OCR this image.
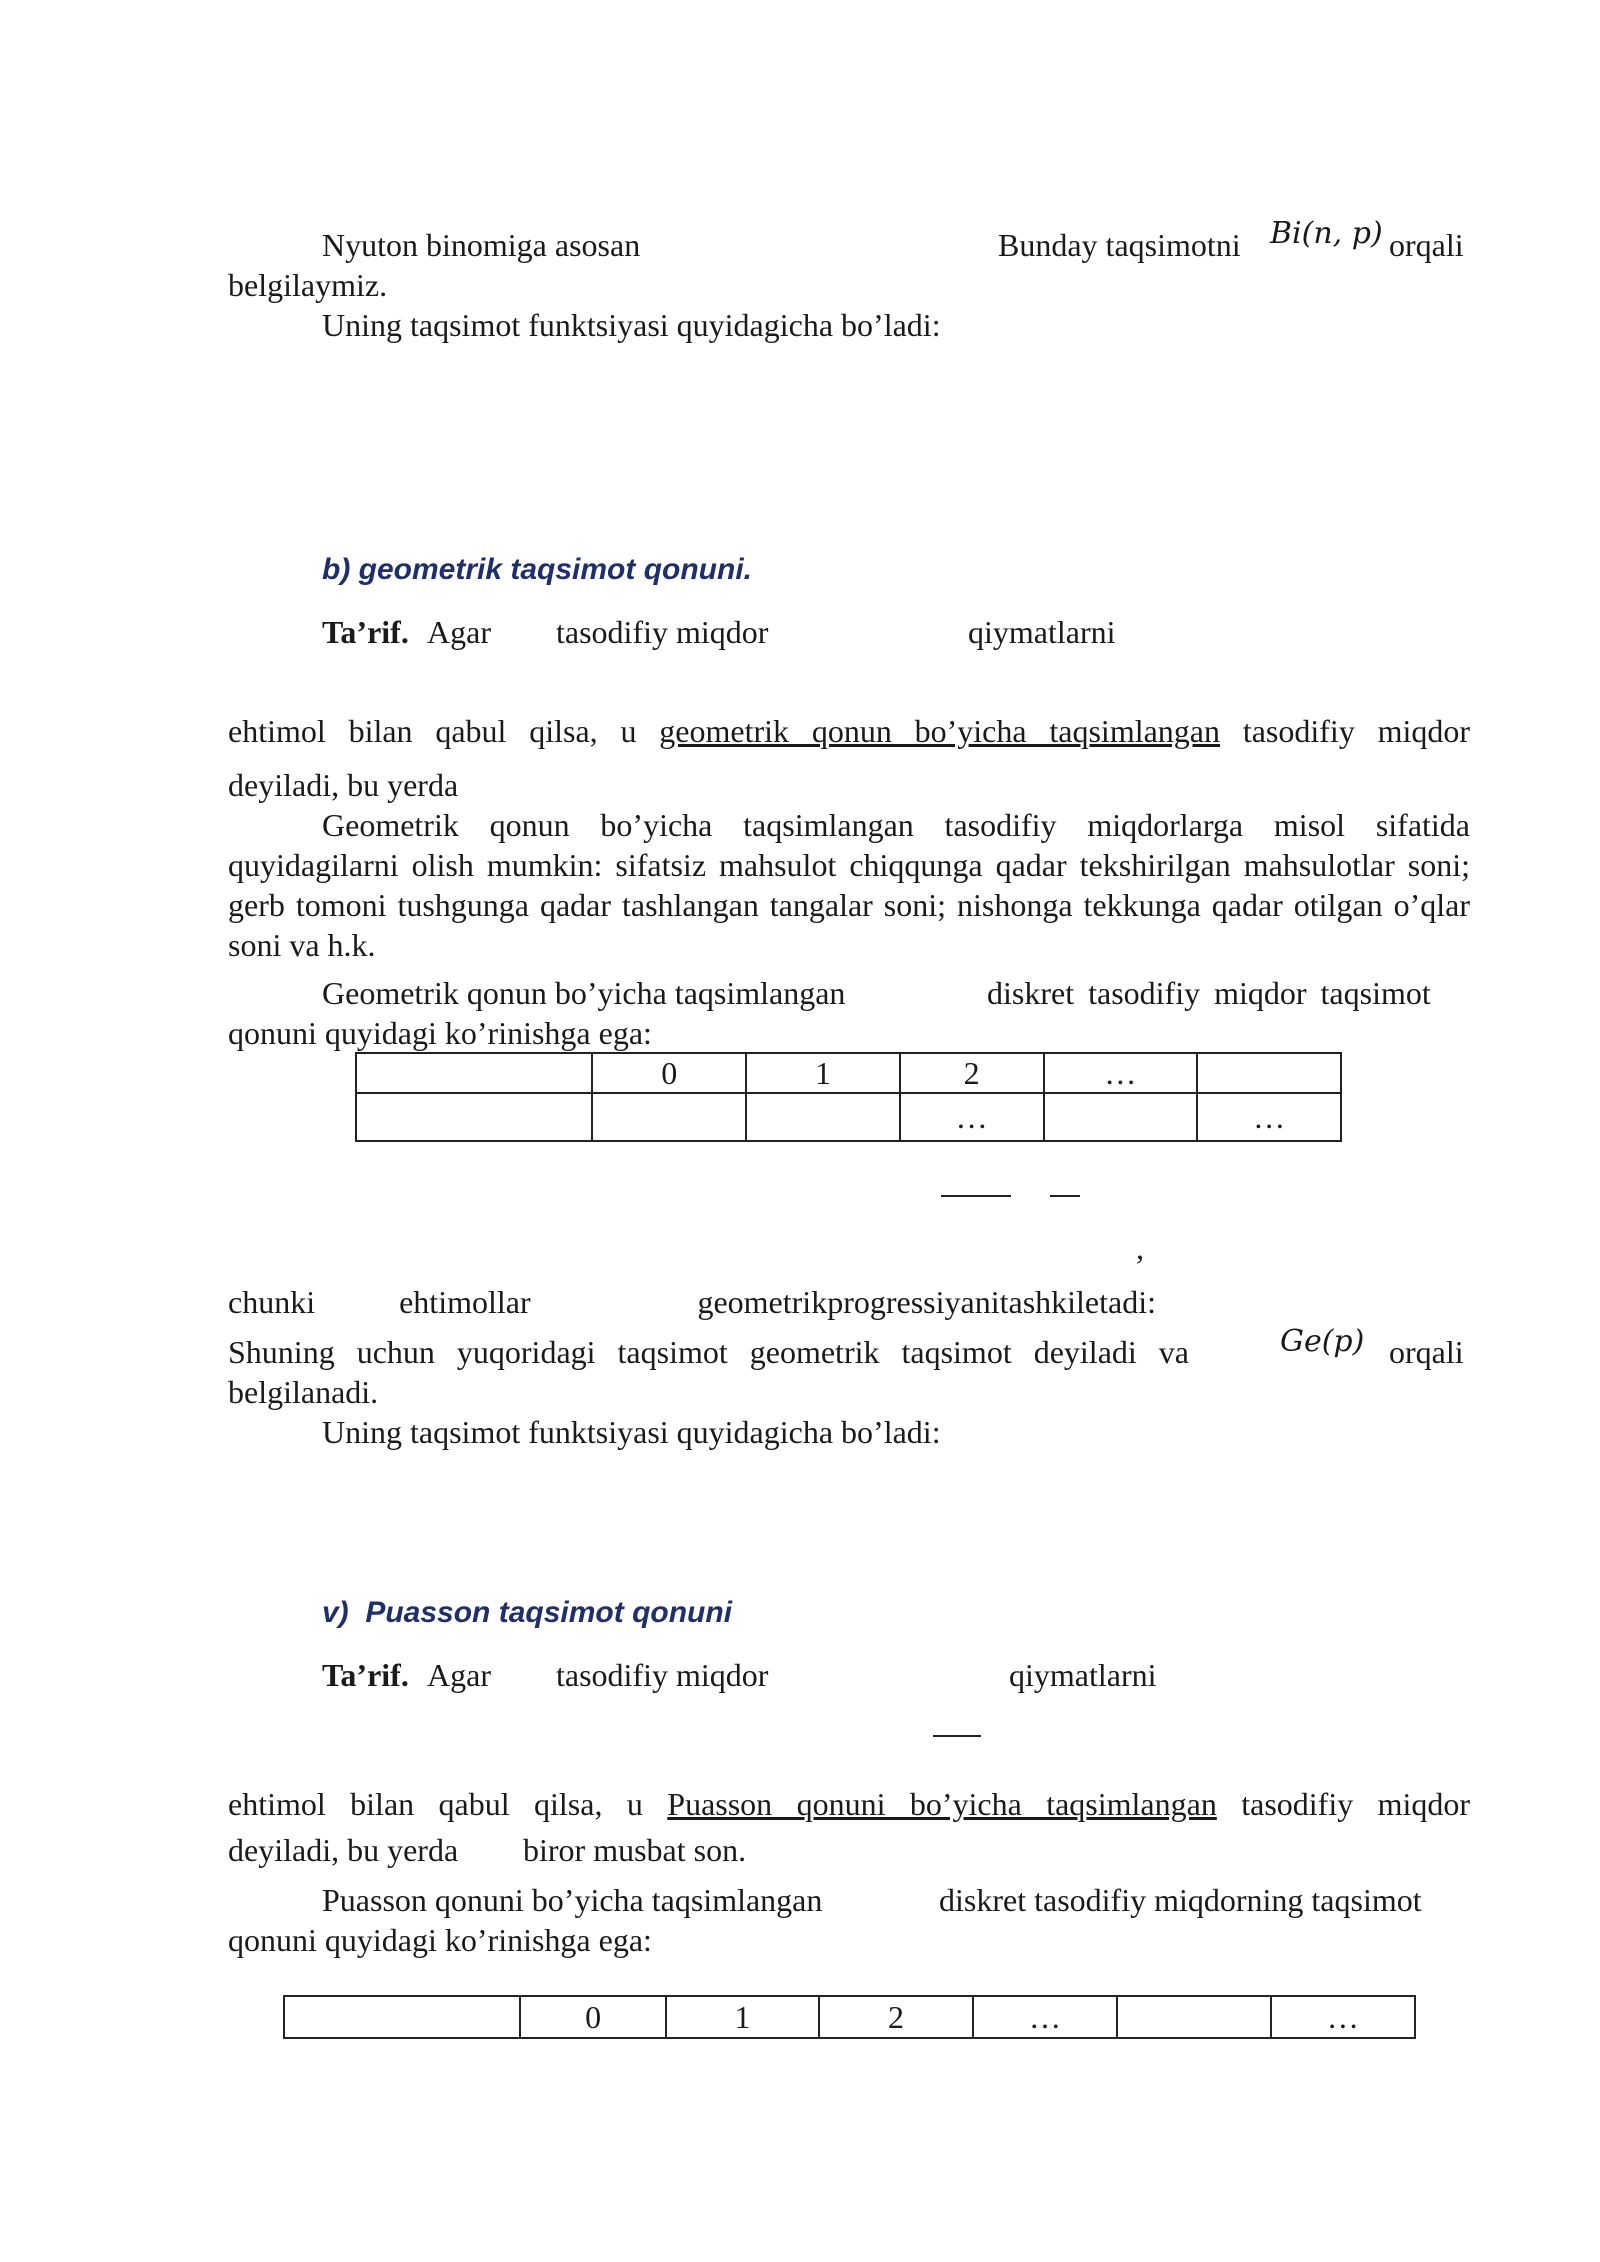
Nyuton binomiga asosan	Bunday taqsimotni Bi(n, p) orqali
belgilaymiz.
Uning taqsimot funktsiyasi quyidagicha bo’ladi:
b) geometrik taqsimot qonuni.
Ta’rif. Agar tasodifiy miqdor	qiymatlarni
ehtimol bilan qabul qilsa, u geometrik qonun bo’yicha taqsimlangan tasodifiy miqdor
deyiladi, bu yerda
Geometrik qonun bo’yicha taqsimlangan tasodifiy miqdorlarga misol sifatida quyidagilarni olish mumkin: sifatsiz mahsulot chiqqunga qadar tekshirilgan mahsulotlar soni; gerb tomoni tushgunga qadar tashlangan tangalar soni; nishonga tekkunga qadar otilgan o’qlar soni va h.k.
Geometrik qonun bo’yicha taqsimlangan	diskret tasodifiy miqdor taqsimot
qonuni quyidagi ko’rinishga ega:
	0	1	2	…	
			…		…
,
chunki	ehtimollar	geometrik progressiyani tashkil etadi:
Shuning uchun yuqoridagi taqsimot geometrik taqsimot deyiladi va	Ge(p) orqali
belgilanadi.
Uning taqsimot funktsiyasi quyidagicha bo’ladi:
v)  Puasson taqsimot qonuni
Ta’rif. Agar tasodifiy miqdor	qiymatlarni
ehtimol bilan qabul qilsa, u Puasson qonuni bo’yicha taqsimlangan tasodifiy miqdor
deyiladi, bu yerda biror musbat son.
Puasson qonuni bo’yicha taqsimlangan	diskret tasodifiy miqdorning taqsimot
qonuni quyidagi ko’rinishga ega:
	0	1	2	…		…
